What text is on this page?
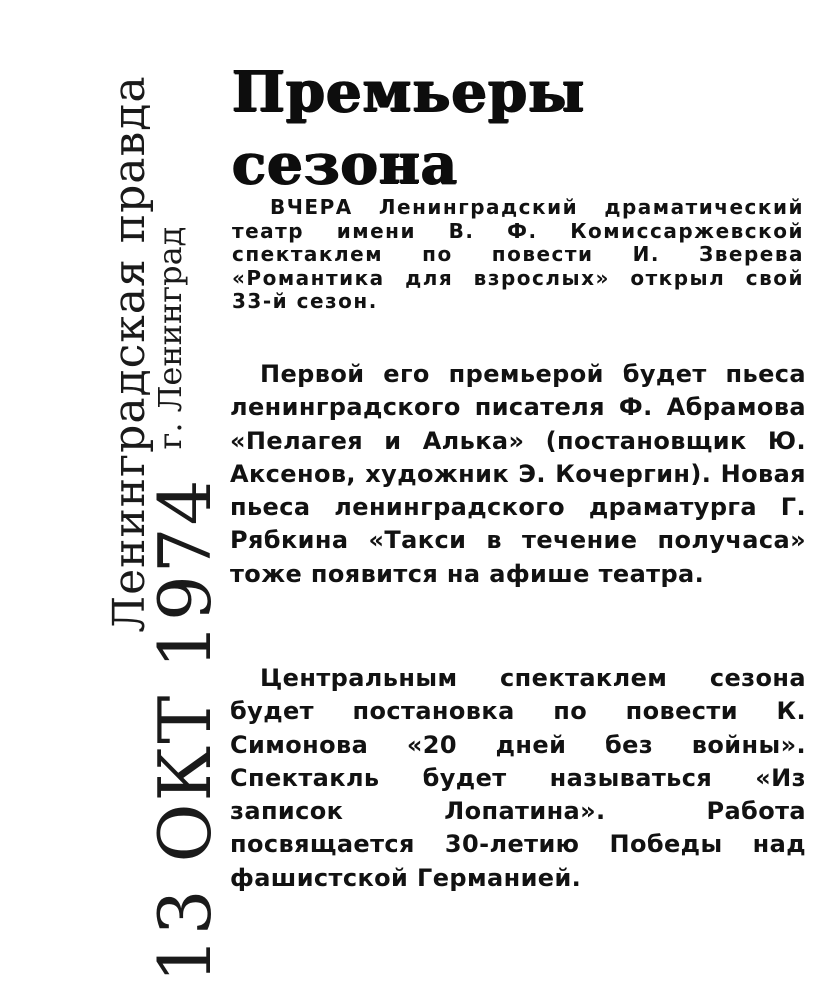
Ленинградская правда
г. Ленинград
13 ОКТ 1974
Премьеры
сезона

ВЧЕРА Ленинградский драматический театр имени В. Ф. Комиссаржевской спектаклем по повести И. Зверева «Романтика для взрослых» открыл свой 33-й сезон.

Первой его премьерой будет пьеса ленинградского писателя Ф. Абрамова «Пелагея и Алька» (постановщик Ю. Аксенов, художник Э. Кочергин). Новая пьеса ленинградского драматурга Г. Рябкина «Такси в течение получаса» тоже появится на афише театра.

Центральным спектаклем сезона будет постановка по повести К. Симонова «20 дней без войны». Спектакль будет называться «Из записок Лопатина». Работа посвящается 30-летию Победы над фашистской Германией.
